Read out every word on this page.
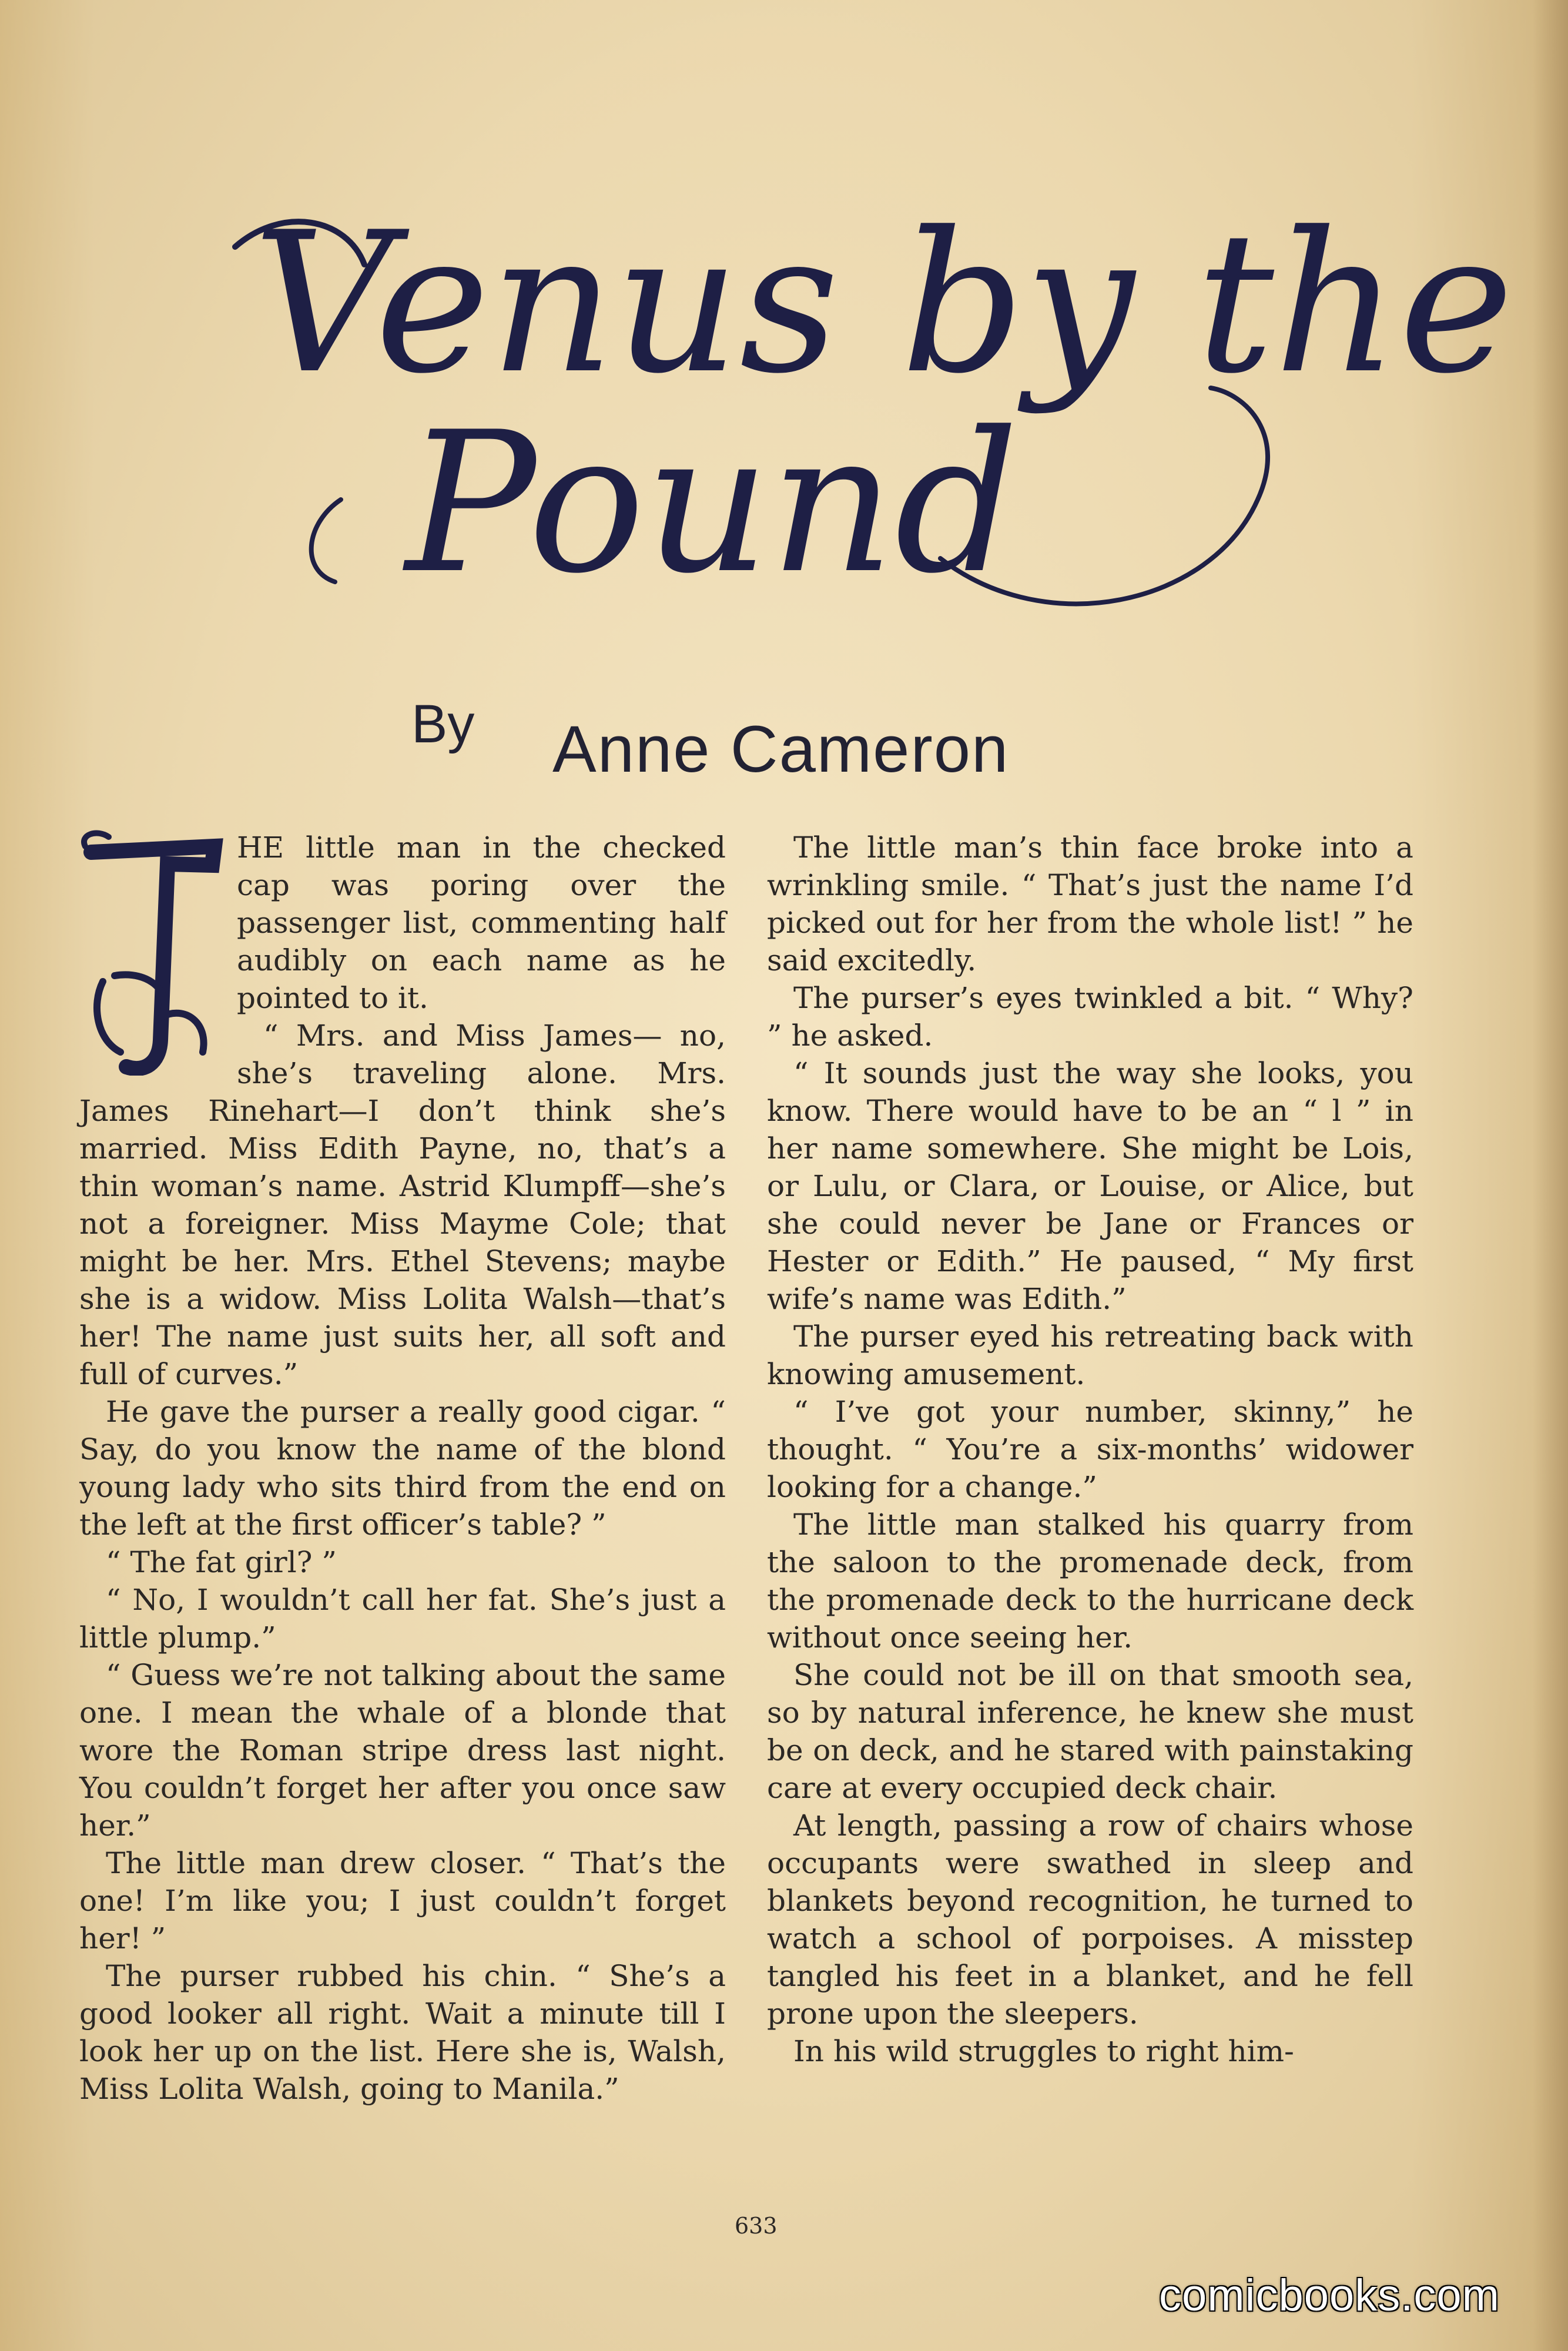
Venus by the
Pound
By Anne Cameron

HE little man in the checked cap was poring over the passenger list, commenting half audibly on each name as he pointed to it.

“ Mrs. and Miss James— no, she’s traveling alone. Mrs. James Rinehart—I don’t think she’s married. Miss Edith Payne, no, that’s a thin woman’s name. Astrid Klumpff—she’s not a foreigner. Miss Mayme Cole; that might be her. Mrs. Ethel Stevens; maybe she is a widow. Miss Lolita Walsh—that’s her! The name just suits her, all soft and full of curves.”

He gave the purser a really good cigar. “ Say, do you know the name of the blond young lady who sits third from the end on the left at the first officer’s table? ”

“ The fat girl? ”

“ No, I wouldn’t call her fat. She’s just a little plump.”

“ Guess we’re not talking about the same one. I mean the whale of a blonde that wore the Roman stripe dress last night. You couldn’t forget her after you once saw her.”

The little man drew closer. “ That’s the one! I’m like you; I just couldn’t forget her! ”

The purser rubbed his chin. “ She’s a good looker all right. Wait a minute till I look her up on the list. Here she is, Walsh, Miss Lolita Walsh, going to Manila.”

The little man’s thin face broke into a wrinkling smile. “ That’s just the name I’d picked out for her from the whole list! ” he said excitedly.

The purser’s eyes twinkled a bit. “ Why? ” he asked.

“ It sounds just the way she looks, you know. There would have to be an “ l ” in her name somewhere. She might be Lois, or Lulu, or Clara, or Louise, or Alice, but she could never be Jane or Frances or Hester or Edith.” He paused, “ My first wife’s name was Edith.”

The purser eyed his retreating back with knowing amusement.

“ I’ve got your number, skinny,” he thought. “ You’re a six-months’ widower looking for a change.”

The little man stalked his quarry from the saloon to the promenade deck, from the promenade deck to the hurricane deck without once seeing her.

She could not be ill on that smooth sea, so by natural inference, he knew she must be on deck, and he stared with painstaking care at every occupied deck chair.

At length, passing a row of chairs whose occupants were swathed in sleep and blankets beyond recognition, he turned to watch a school of porpoises. A misstep tangled his feet in a blanket, and he fell prone upon the sleepers.

In his wild struggles to right him-

633
comicbooks.com
